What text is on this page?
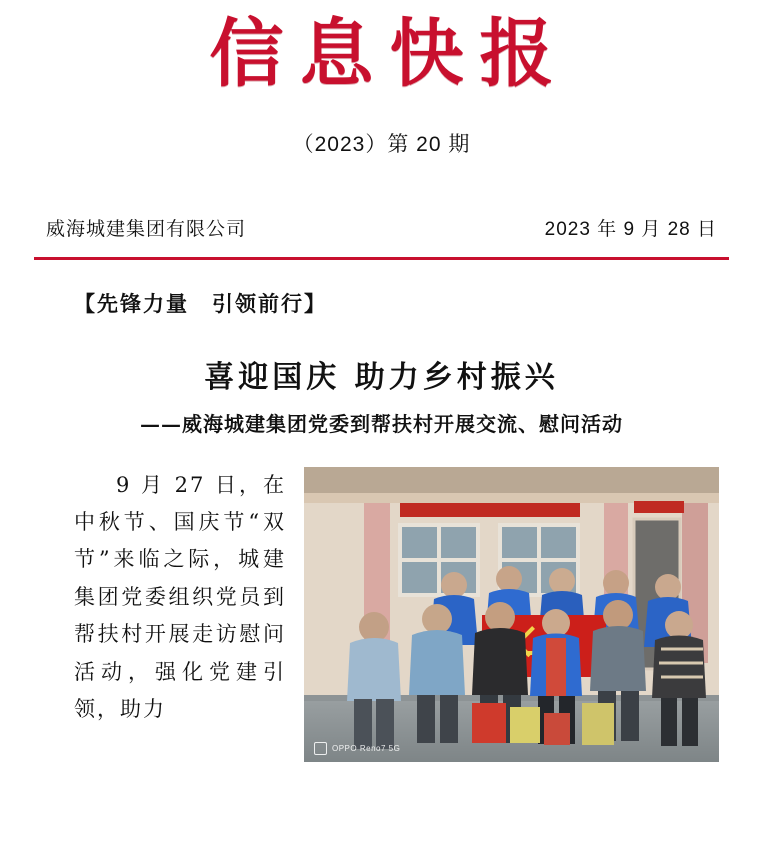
信息快报
（2023）第 20 期
威海城建集团有限公司	2023 年 9 月 28 日
【先锋力量　引领前行】
喜迎国庆 助力乡村振兴
——威海城建集团党委到帮扶村开展交流、慰问活动

9 月 27 日，在中秋节、国庆节“双节”来临之际，城建集团党委组织党员到帮扶村开展走访慰问活动，强化党建引领，助力

OPPO Reno7 5G
